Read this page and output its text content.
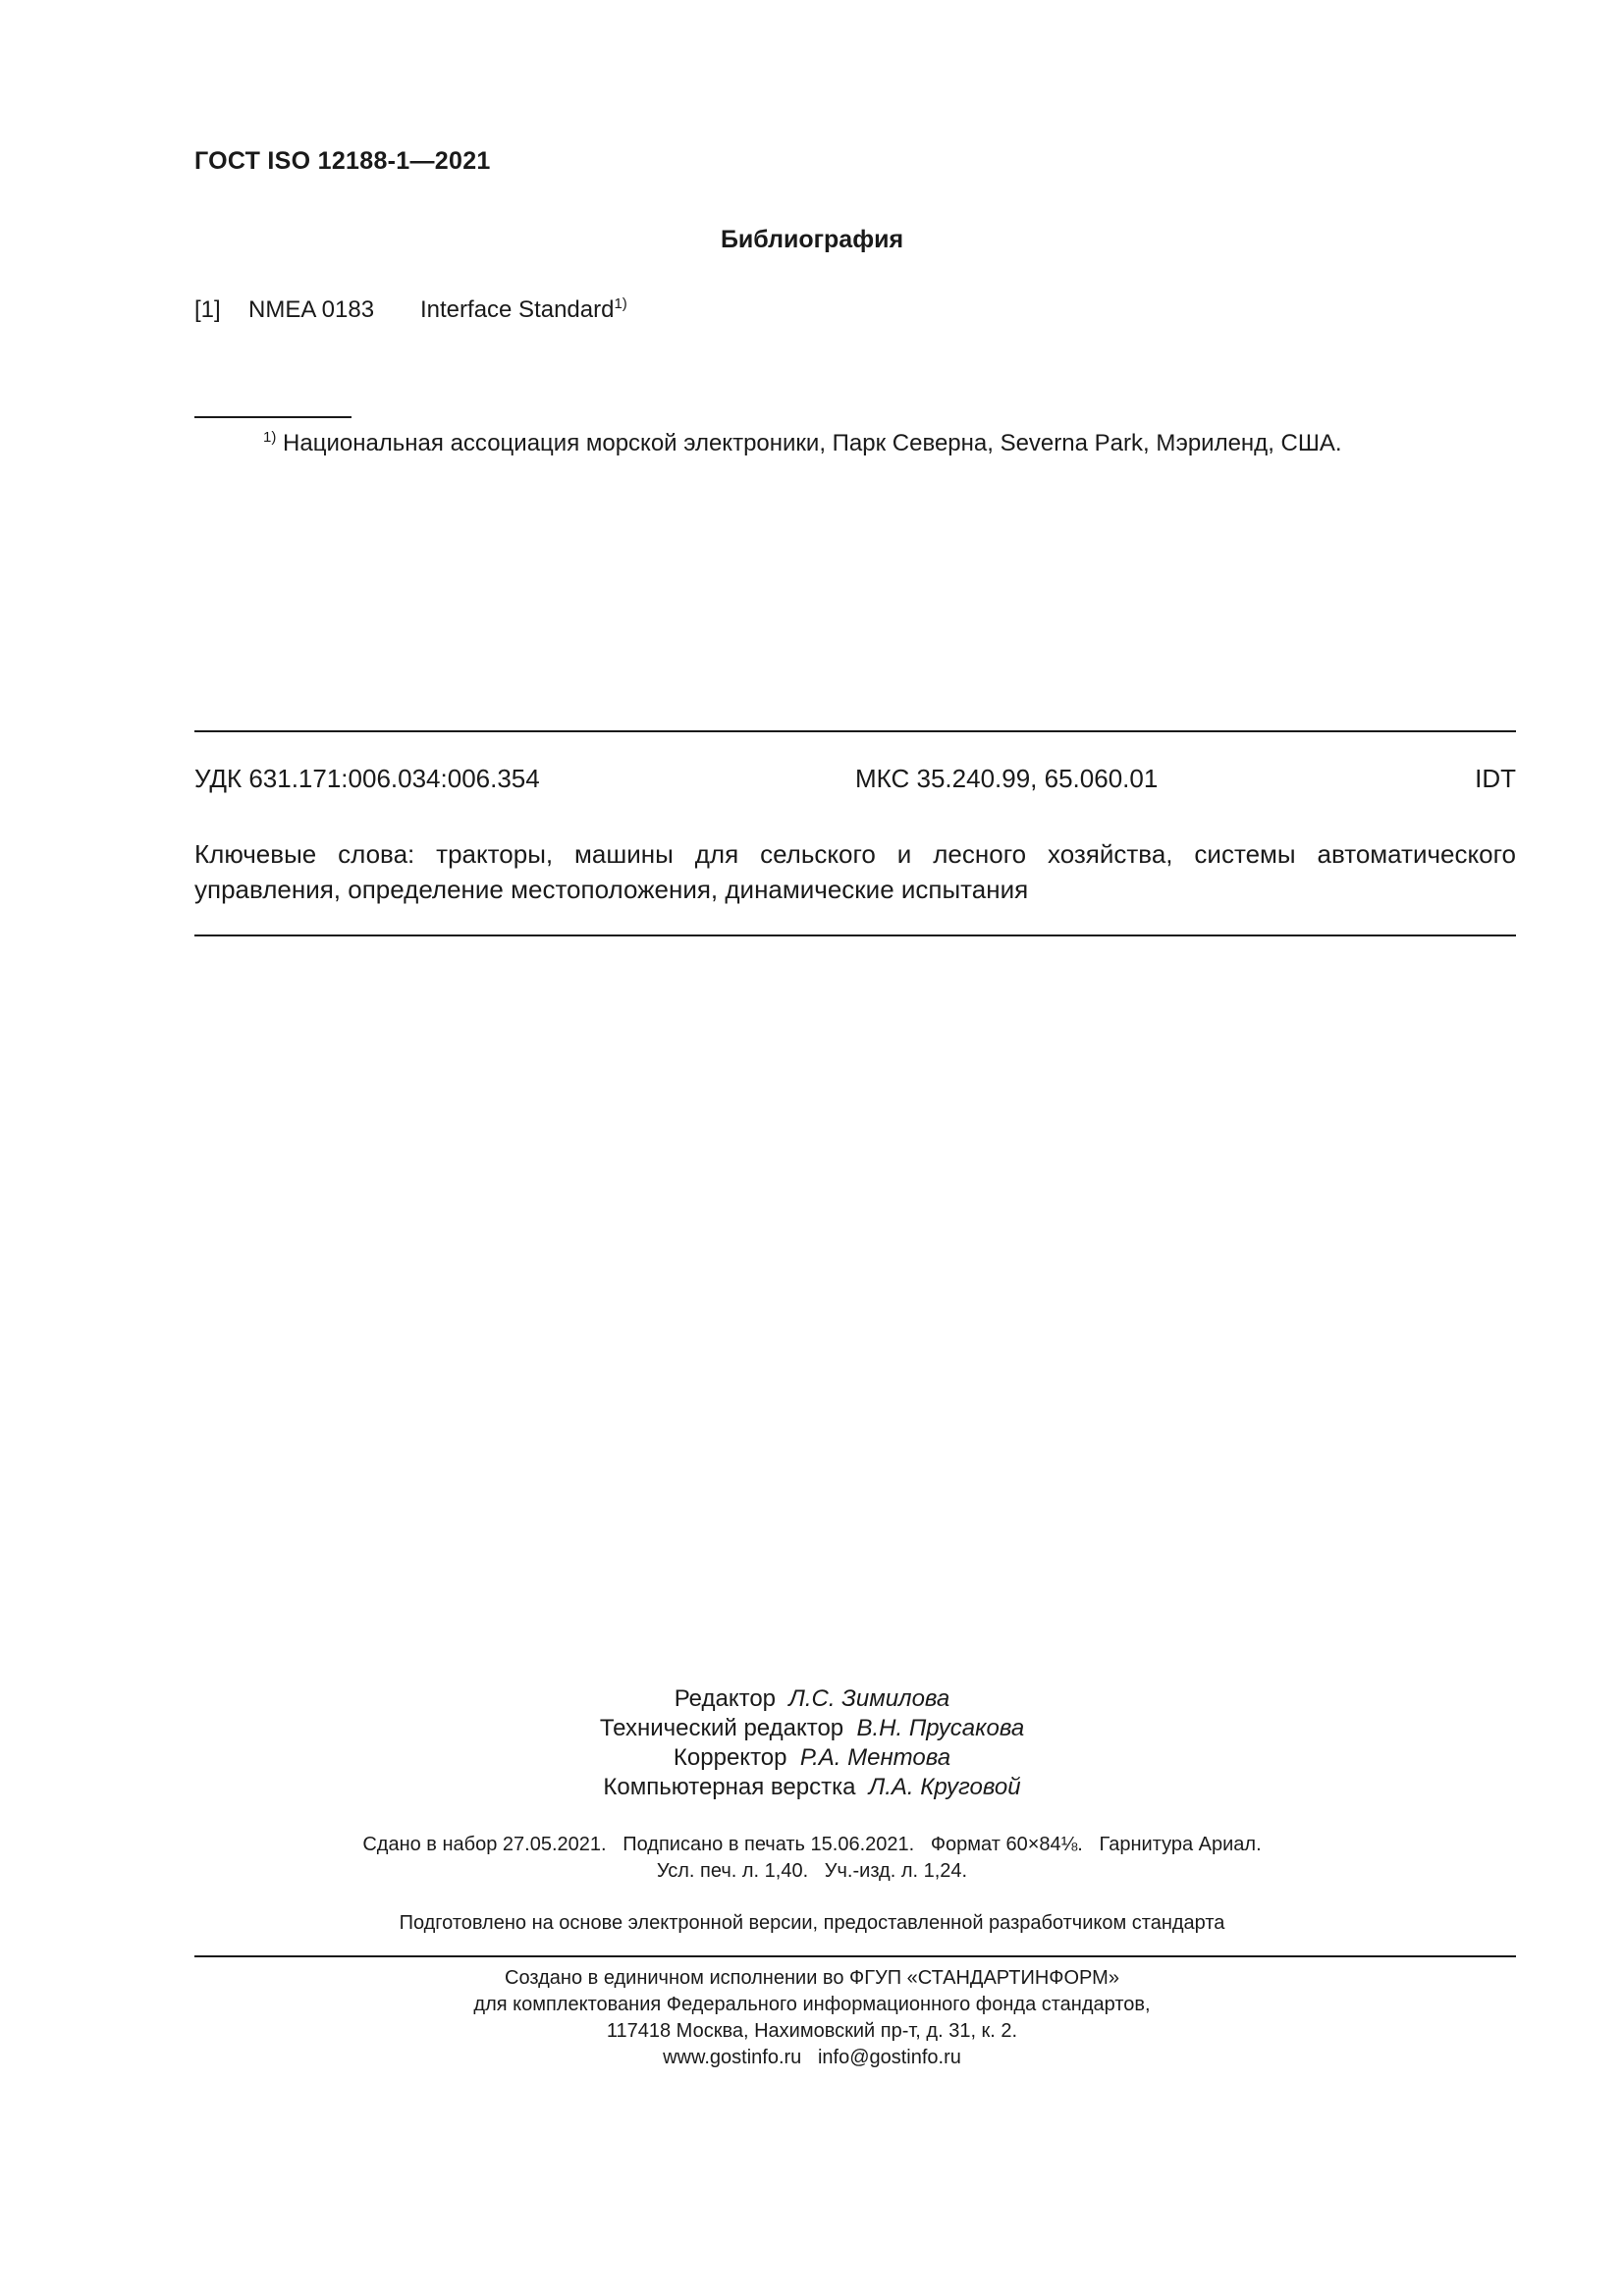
ГОСТ ISO 12188-1—2021
Библиография
[1] NMEA 0183 Interface Standard$^{1)}$
$^{1)}$ Национальная ассоциация морской электроники, Парк Северна, Severna Park, Мэриленд, США.
УДК 631.171:006.034:006.354	МКС 35.240.99, 65.060.01	IDT
Ключевые слова: тракторы, машины для сельского и лесного хозяйства, системы автоматического управления, определение местоположения, динамические испытания
Редактор Л.С. Зимилова
Технический редактор В.Н. Прусакова
Корректор Р.А. Ментова
Компьютерная верстка Л.А. Круговой
Сдано в набор 27.05.2021.   Подписано в печать 15.06.2021.   Формат 60×84⅛.   Гарнитура Ариал.
Усл. печ. л. 1,40.   Уч.-изд. л. 1,24.
Подготовлено на основе электронной версии, предоставленной разработчиком стандарта
Создано в единичном исполнении во ФГУП «СТАНДАРТИНФОРМ»
для комплектования Федерального информационного фонда стандартов,
117418 Москва, Нахимовский пр-т, д. 31, к. 2.
www.gostinfo.ru info@gostinfo.ru
